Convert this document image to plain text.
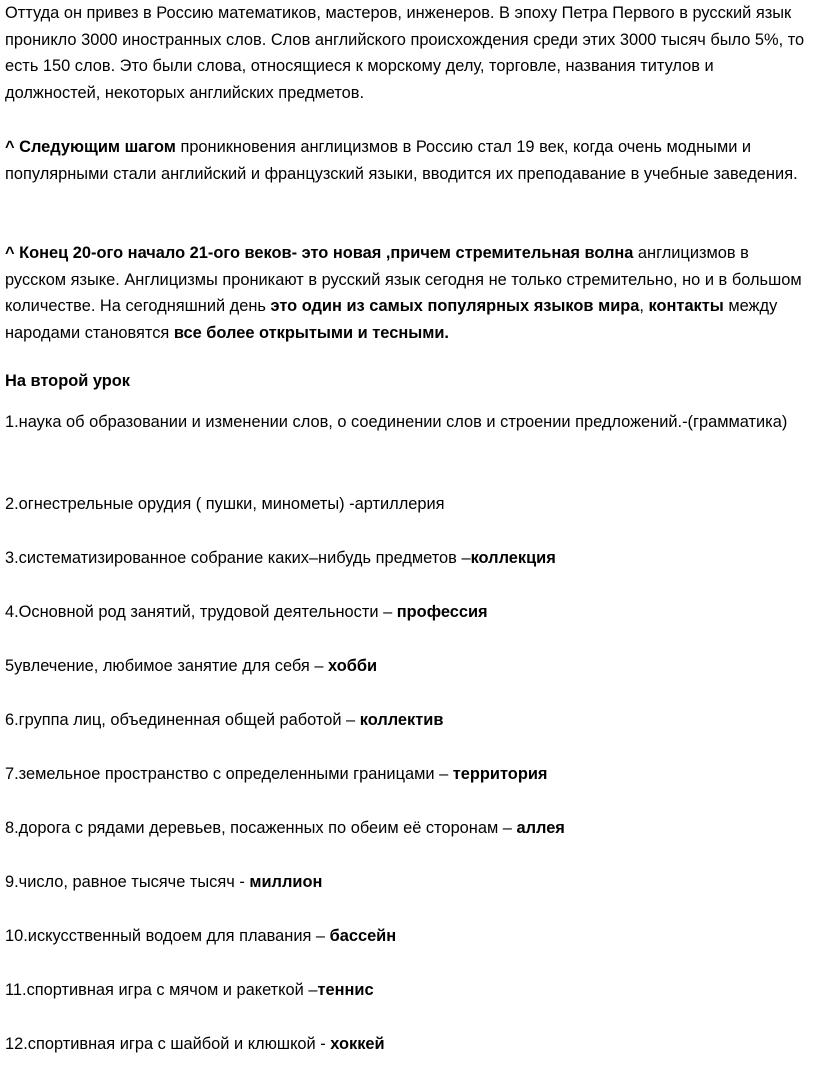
Оттуда он привез в Россию математиков, мастеров, инженеров. В эпоху Петра Первого в русский язык проникло 3000 иностранных слов. Слов английского происхождения среди этих 3000 тысяч было 5%, то есть 150 слов. Это были слова, относящиеся к морскому делу, торговле, названия титулов и должностей, некоторых английских предметов.

^ Следующим шагом проникновения англицизмов в Россию стал 19 век, когда очень модными и популярными стали английский и французский языки, вводится их преподавание в учебные заведения.

^ Конец 20-ого начало 21-ого веков- это новая ,причем стремительная волна англицизмов в русском языке. Англицизмы проникают в русский язык сегодня не только стремительно, но и в большом количестве. На сегодняшний день это один из самых популярных языков мира, контакты между народами становятся все более открытыми и тесными.

На второй урок

1.наука об образовании и изменении слов, о соединении слов и строении предложений.-(грамматика)

2.огнестрельные орудия ( пушки, минометы) -артиллерия

3.систематизированное собрание каких–нибудь предметов –коллекция

4.Основной род занятий, трудовой деятельности – профессия

5увлечение, любимое занятие для себя – хобби

6.группа лиц, объединенная общей работой – коллектив

7.земельное пространство с определенными границами – территория

8.дорога с рядами деревьев, посаженных по обеим её сторонам – аллея

9.число, равное тысяче тысяч - миллион

10.искусственный водоем для плавания – бассейн

11.спортивная игра с мячом и ракеткой –теннис

12.спортивная игра с шайбой и клюшкой - хоккей
